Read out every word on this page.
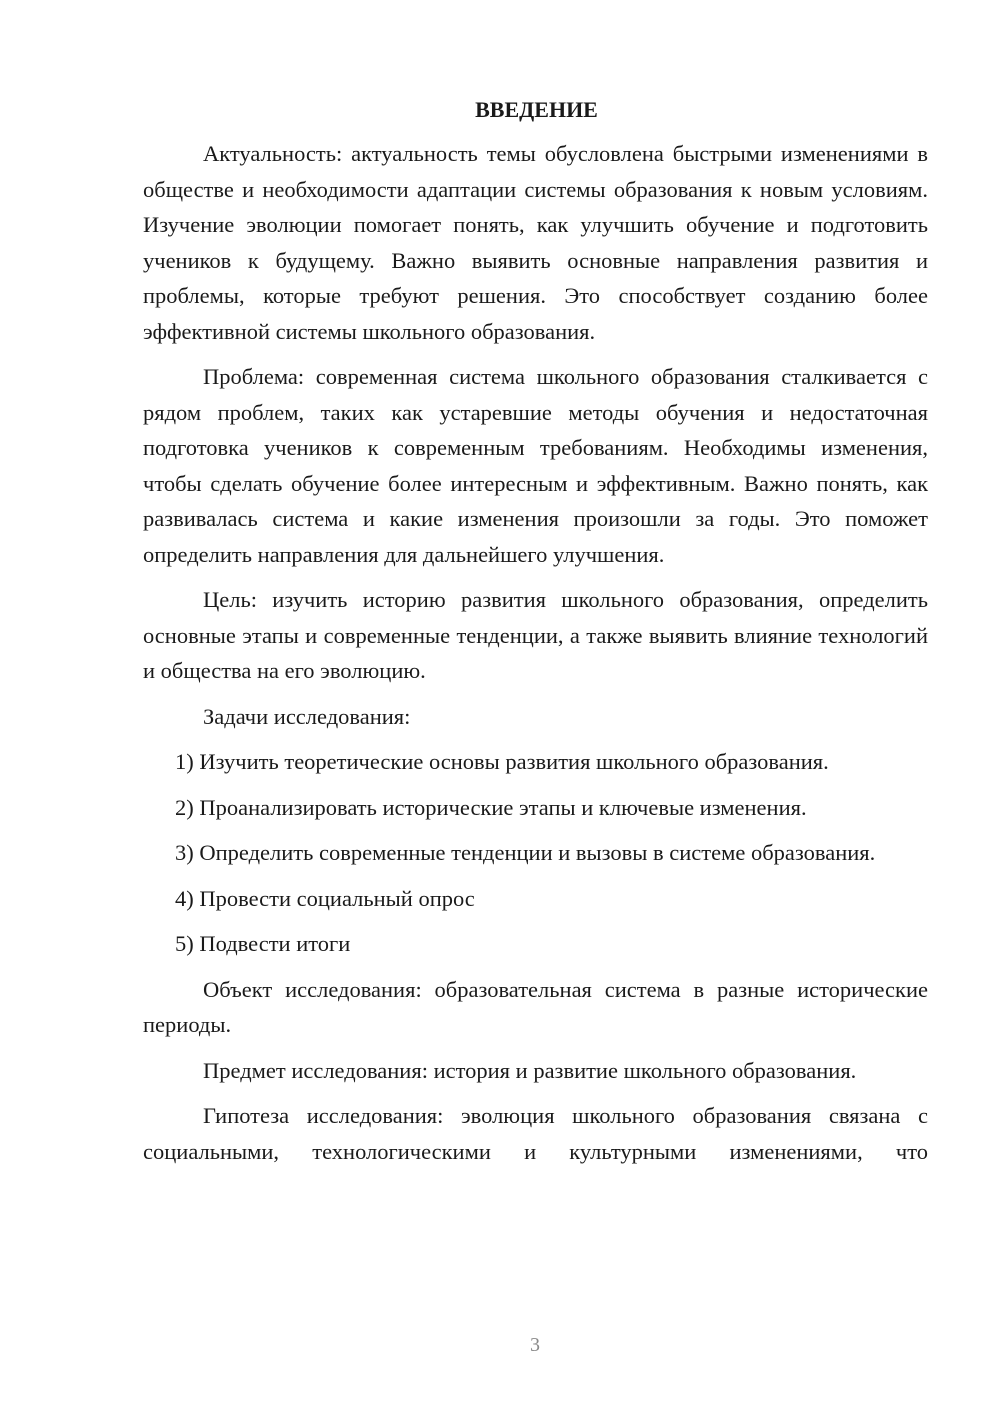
ВВЕДЕНИЕ

Актуальность: актуальность темы обусловлена быстрыми изменениями в обществе и необходимости адаптации системы образования к новым условиям. Изучение эволюции помогает понять, как улучшить обучение и подготовить учеников к будущему. Важно выявить основные направления развития и проблемы, которые требуют решения. Это способствует созданию более эффективной системы школьного образования.

Проблема: современная система школьного образования сталкивается с рядом проблем, таких как устаревшие методы обучения и недостаточная подготовка учеников к современным требованиям. Необходимы изменения, чтобы сделать обучение более интересным и эффективным. Важно понять, как развивалась система и какие изменения произошли за годы. Это поможет определить направления для дальнейшего улучшения.

Цель: изучить историю развития школьного образования, определить основные этапы и современные тенденции, а также выявить влияние технологий и общества на его эволюцию.

Задачи исследования:

1) Изучить теоретические основы развития школьного образования.

2) Проанализировать исторические этапы и ключевые изменения.

3) Определить современные тенденции и вызовы в системе образования.

4) Провести социальный опрос

5) Подвести итоги

Объект исследования: образовательная система в разные исторические периоды.

Предмет исследования: история и развитие школьного образования.

Гипотеза исследования: эволюция школьного образования связана с социальными, технологическими и культурными изменениями, что

3
